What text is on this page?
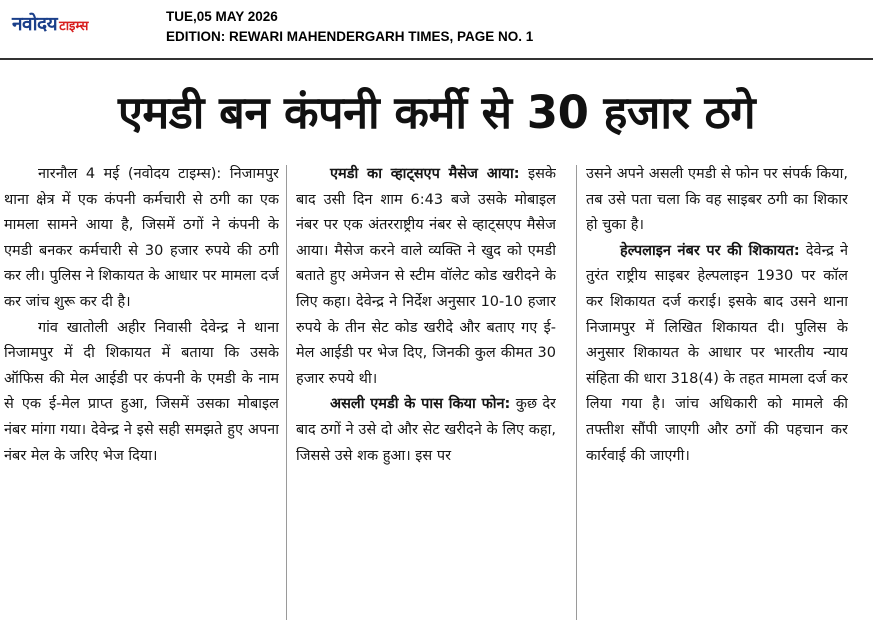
नवोदय टाइम्स
TUE,05 MAY 2026
EDITION: REWARI MAHENDERGARH TIMES, PAGE NO. 1
एमडी बन कंपनी कर्मी से 30 हजार ठगे

नारनौल 4 मई (नवोदय टाइम्स): निजामपुर थाना क्षेत्र में एक कंपनी कर्मचारी से ठगी का एक मामला सामने आया है, जिसमें ठगों ने कंपनी के एमडी बनकर कर्मचारी से 30 हजार रुपये की ठगी कर ली। पुलिस ने शिकायत के आधार पर मामला दर्ज कर जांच शुरू कर दी है।

गांव खातोली अहीर निवासी देवेन्द्र ने थाना निजामपुर में दी शिकायत में बताया कि उसके ऑफिस की मेल आईडी पर कंपनी के एमडी के नाम से एक ई-मेल प्राप्त हुआ, जिसमें उसका मोबाइल नंबर मांगा गया। देवेन्द्र ने इसे सही समझते हुए अपना नंबर मेल के जरिए भेज दिया।

एमडी का व्हाट्सएप मैसेज आया: इसके बाद उसी दिन शाम 6:43 बजे उसके मोबाइल नंबर पर एक अंतरराष्ट्रीय नंबर से व्हाट्सएप मैसेज आया। मैसेज करने वाले व्यक्ति ने खुद को एमडी बताते हुए अमेजन से स्टीम वॉलेट कोड खरीदने के लिए कहा। देवेन्द्र ने निर्देश अनुसार 10-10 हजार रुपये के तीन सेट कोड खरीदे और बताए गए ई-मेल आईडी पर भेज दिए, जिनकी कुल कीमत 30 हजार रुपये थी।

असली एमडी के पास किया फोन: कुछ देर बाद ठगों ने उसे दो और सेट खरीदने के लिए कहा, जिससे उसे शक हुआ। इस पर

उसने अपने असली एमडी से फोन पर संपर्क किया, तब उसे पता चला कि वह साइबर ठगी का शिकार हो चुका है।

हेल्पलाइन नंबर पर की शिकायत: देवेन्द्र ने तुरंत राष्ट्रीय साइबर हेल्पलाइन 1930 पर कॉल कर शिकायत दर्ज कराई। इसके बाद उसने थाना निजामपुर में लिखित शिकायत दी। पुलिस के अनुसार शिकायत के आधार पर भारतीय न्याय संहिता की धारा 318(4) के तहत मामला दर्ज कर लिया गया है। जांच अधिकारी को मामले की तफ्तीश सौंपी जाएगी और ठगों की पहचान कर कार्रवाई की जाएगी।
